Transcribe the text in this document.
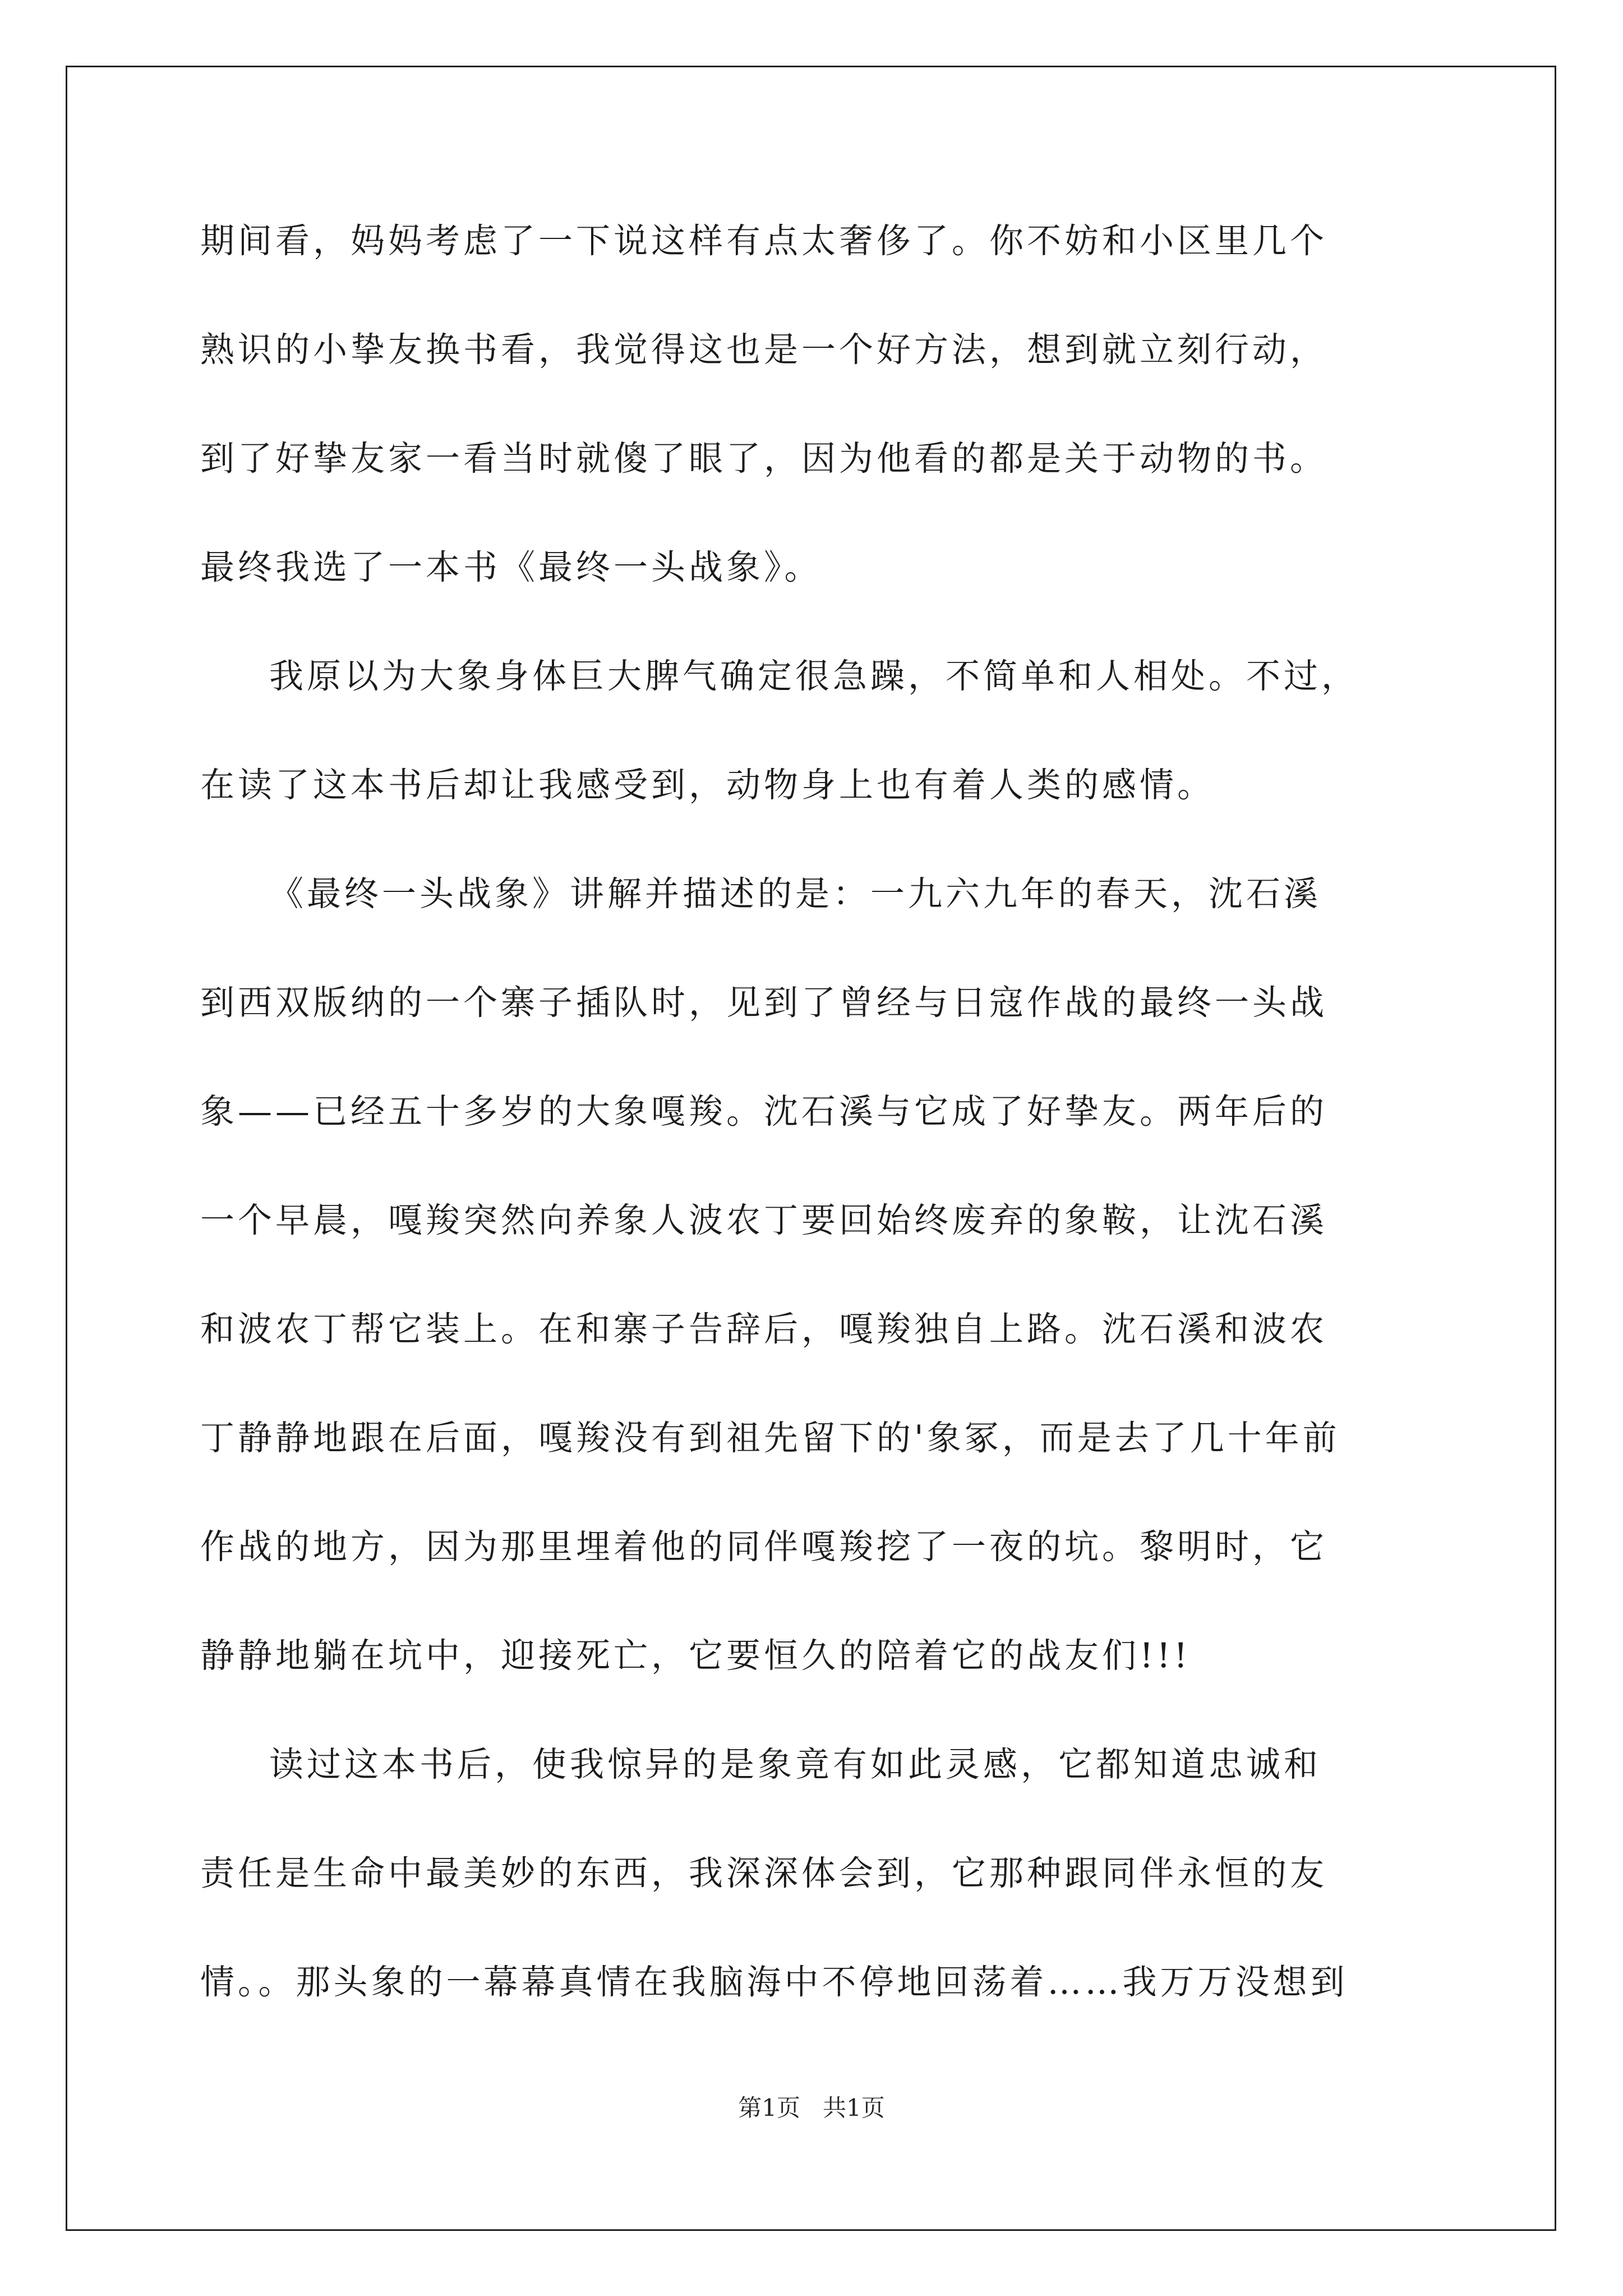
期间看，妈妈考虑了一下说这样有点太奢侈了。你不妨和小区里几个
熟识的小挚友换书看，我觉得这也是一个好方法，想到就立刻行动，
到了好挚友家一看当时就傻了眼了，因为他看的都是关于动物的书。
最终我选了一本书《最终一头战象》。
我原以为大象身体巨大脾气确定很急躁，不简单和人相处。不过，
在读了这本书后却让我感受到，动物身上也有着人类的感情。
《最终一头战象》讲解并描述的是：一九六九年的春天，沈石溪
到西双版纳的一个寨子插队时，见到了曾经与日寇作战的最终一头战
象——已经五十多岁的大象嘎羧。沈石溪与它成了好挚友。两年后的
一个早晨，嘎羧突然向养象人波农丁要回始终废弃的象鞍，让沈石溪
和波农丁帮它装上。在和寨子告辞后，嘎羧独自上路。沈石溪和波农
丁静静地跟在后面，嘎羧没有到祖先留下的'象冢，而是去了几十年前
作战的地方，因为那里埋着他的同伴嘎羧挖了一夜的坑。黎明时，它
静静地躺在坑中，迎接死亡，它要恒久的陪着它的战友们!!!
读过这本书后，使我惊异的是象竟有如此灵感，它都知道忠诚和
责任是生命中最美妙的东西，我深深体会到，它那种跟同伴永恒的友
情。。那头象的一幕幕真情在我脑海中不停地回荡着……我万万没想到
第1页   共1页
